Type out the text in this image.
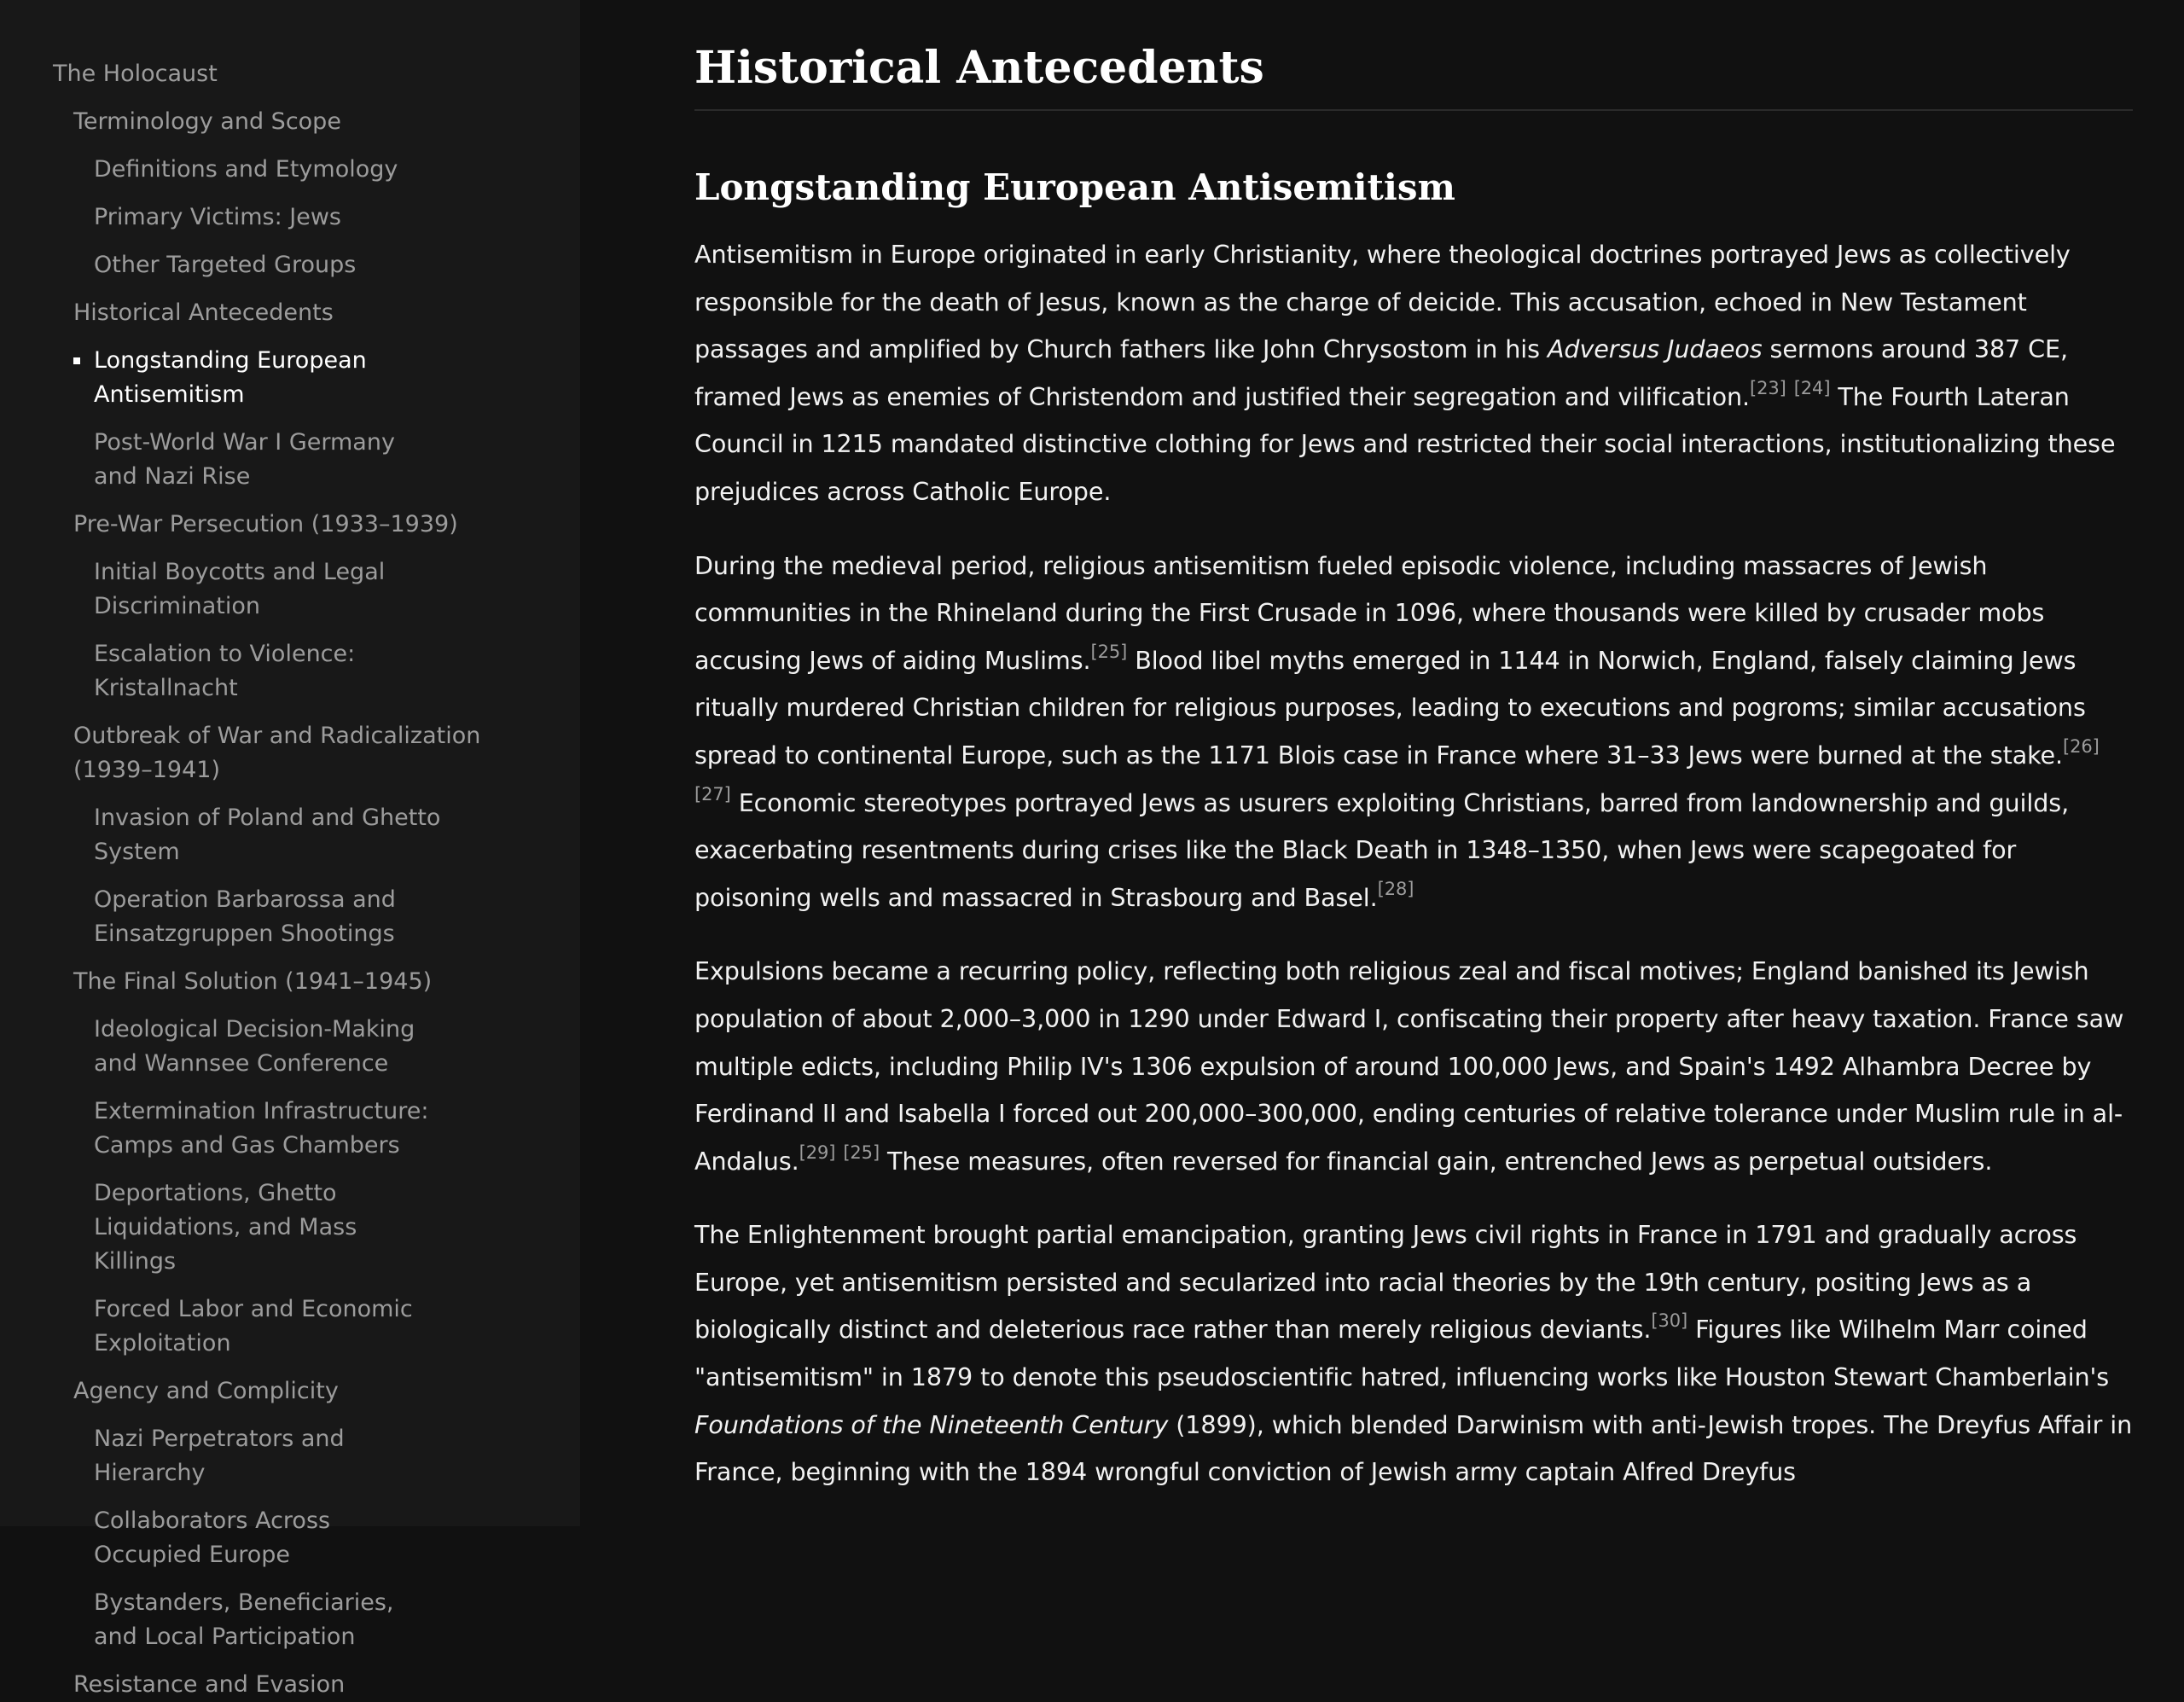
The Holocaust
Terminology and Scope
Definitions and Etymology
Primary Victims: Jews
Other Targeted Groups
Historical Antecedents
Longstanding European Antisemitism
Post-World War I Germany and Nazi Rise
Pre-War Persecution (1933–1939)
Initial Boycotts and Legal Discrimination
Escalation to Violence: Kristallnacht
Outbreak of War and Radicalization (1939–1941)
Invasion of Poland and Ghetto System
Operation Barbarossa and Einsatzgruppen Shootings
The Final Solution (1941–1945)
Ideological Decision-Making and Wannsee Conference
Extermination Infrastructure: Camps and Gas Chambers
Deportations, Ghetto Liquidations, and Mass Killings
Forced Labor and Economic Exploitation
Agency and Complicity
Nazi Perpetrators and Hierarchy
Collaborators Across Occupied Europe
Bystanders, Beneficiaries, and Local Participation
Resistance and Evasion
Historical Antecedents
Longstanding European Antisemitism

Antisemitism in Europe originated in early Christianity, where theological doctrines portrayed Jews as collectively responsible for the death of Jesus, known as the charge of deicide. This accusation, echoed in New Testament passages and amplified by Church fathers like John Chrysostom in his Adversus Judaeos sermons around 387 CE, framed Jews as enemies of Christendom and justified their segregation and vilification.[23] [24] The Fourth Lateran Council in 1215 mandated distinctive clothing for Jews and restricted their social interactions, institutionalizing these prejudices across Catholic Europe.

During the medieval period, religious antisemitism fueled episodic violence, including massacres of Jewish communities in the Rhineland during the First Crusade in 1096, where thousands were killed by crusader mobs accusing Jews of aiding Muslims.[25] Blood libel myths emerged in 1144 in Norwich, England, falsely claiming Jews ritually murdered Christian children for religious purposes, leading to executions and pogroms; similar accusations spread to continental Europe, such as the 1171 Blois case in France where 31–33 Jews were burned at the stake.[26] [27] Economic stereotypes portrayed Jews as usurers exploiting Christians, barred from landownership and guilds, exacerbating resentments during crises like the Black Death in 1348–1350, when Jews were scapegoated for poisoning wells and massacred in Strasbourg and Basel.[28]

Expulsions became a recurring policy, reflecting both religious zeal and fiscal motives; England banished its Jewish population of about 2,000–3,000 in 1290 under Edward I, confiscating their property after heavy taxation. France saw multiple edicts, including Philip IV's 1306 expulsion of around 100,000 Jews, and Spain's 1492 Alhambra Decree by Ferdinand II and Isabella I forced out 200,000–300,000, ending centuries of relative tolerance under Muslim rule in al-Andalus.[29] [25] These measures, often reversed for financial gain, entrenched Jews as perpetual outsiders.

The Enlightenment brought partial emancipation, granting Jews civil rights in France in 1791 and gradually across Europe, yet antisemitism persisted and secularized into racial theories by the 19th century, positing Jews as a biologically distinct and deleterious race rather than merely religious deviants.[30] Figures like Wilhelm Marr coined "antisemitism" in 1879 to denote this pseudoscientific hatred, influencing works like Houston Stewart Chamberlain's Foundations of the Nineteenth Century (1899), which blended Darwinism with anti-Jewish tropes. The Dreyfus Affair in France, beginning with the 1894 wrongful conviction of Jewish army captain Alfred Dreyfus
